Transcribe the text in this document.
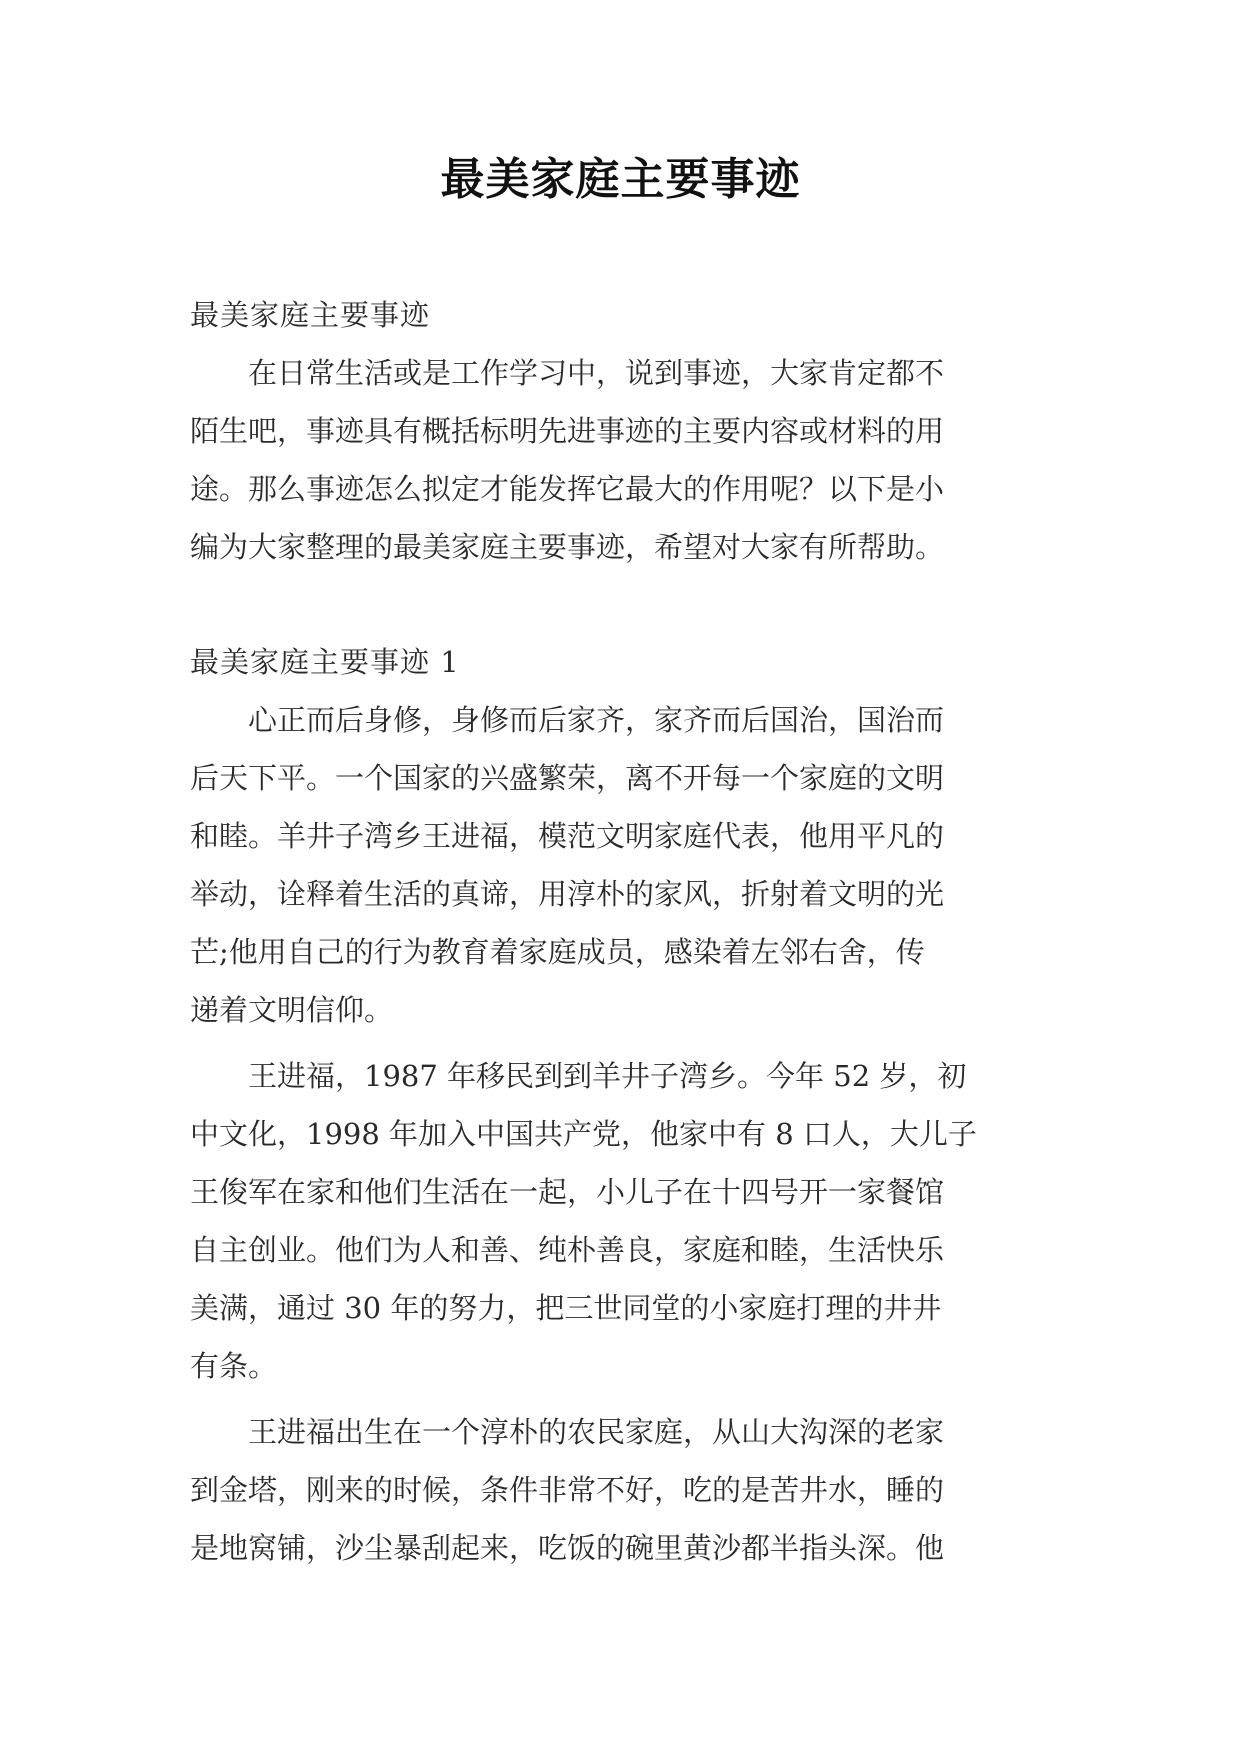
最美家庭主要事迹
最美家庭主要事迹
在日常生活或是工作学习中，说到事迹，大家肯定都不
陌生吧，事迹具有概括标明先进事迹的主要内容或材料的用
途。那么事迹怎么拟定才能发挥它最大的作用呢？以下是小
编为大家整理的最美家庭主要事迹，希望对大家有所帮助。
最美家庭主要事迹 1
心正而后身修，身修而后家齐，家齐而后国治，国治而
后天下平。一个国家的兴盛繁荣，离不开每一个家庭的文明
和睦。羊井子湾乡王进福，模范文明家庭代表，他用平凡的
举动，诠释着生活的真谛，用淳朴的家风，折射着文明的光
芒;他用自己的行为教育着家庭成员，感染着左邻右舍，传
递着文明信仰。
王进福，1987 年移民到到羊井子湾乡。今年 52 岁，初
中文化，1998 年加入中国共产党，他家中有 8 口人，大儿子
王俊军在家和他们生活在一起，小儿子在十四号开一家餐馆
自主创业。他们为人和善、纯朴善良，家庭和睦，生活快乐
美满，通过 30 年的努力，把三世同堂的小家庭打理的井井
有条。
王进福出生在一个淳朴的农民家庭，从山大沟深的老家
到金塔，刚来的时候，条件非常不好，吃的是苦井水，睡的
是地窝铺，沙尘暴刮起来，吃饭的碗里黄沙都半指头深。他
